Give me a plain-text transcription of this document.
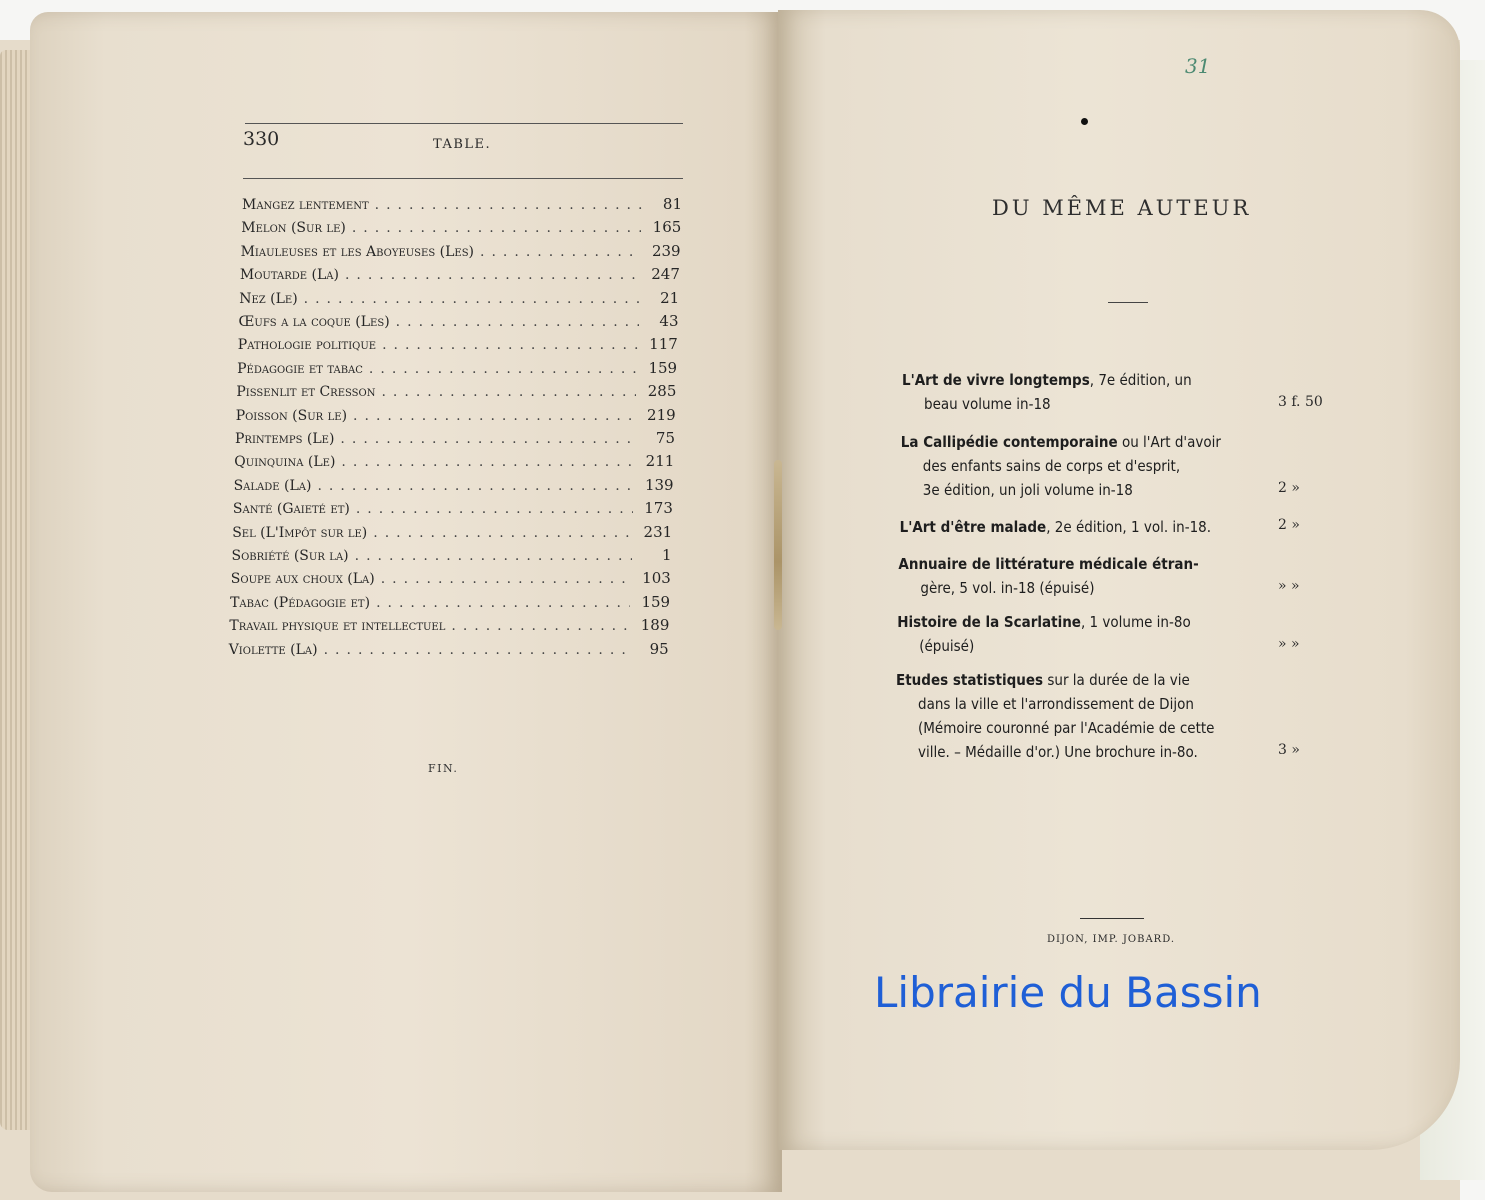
330	TABLE.
Mangez lentement .....	81
Melon (Sur le) .....	165
Miauleuses et les Aboyeuses (Les) .....	239
Moutarde (La) .....	247
Nez (Le) .....	21
Œufs a la coque (Les) .....	43
Pathologie politique .....	117
Pédagogie et tabac .....	159
Pissenlit et Cresson .....	285
Poisson (Sur le) .....	219
Printemps (Le) .....	75
Quinquina (Le) .....	211
Salade (La) .....	139
Santé (Gaieté et) .....	173
Sel (L'Impôt sur le) .....	231
Sobriété (Sur la) .....	1
Soupe aux choux (La) .....	103
Tabac (Pédagogie et) .....	159
Travail physique et intellectuel .....	189
Violette (La) .....	95
FIN.
31
DU MÊME AUTEUR
L'Art de vivre longtemps, 7e édition, un
beau volume in-18	3 f. 50
La Callipédie contemporaine ou l'Art d'avoir
des enfants sains de corps et d'esprit,
3e édition, un joli volume in-18	2 »
L'Art d'être malade, 2e édition, 1 vol. in-18.	2 »
Annuaire de littérature médicale étran-
gère, 5 vol. in-18 (épuisé)	» »
Histoire de la Scarlatine, 1 volume in-8o
(épuisé)	» »
Etudes statistiques sur la durée de la vie
dans la ville et l'arrondissement de Dijon
(Mémoire couronné par l'Académie de cette
ville. – Médaille d'or.) Une brochure in-8o.	3 »
DIJON, IMP. JOBARD.
Librairie du Bassin
